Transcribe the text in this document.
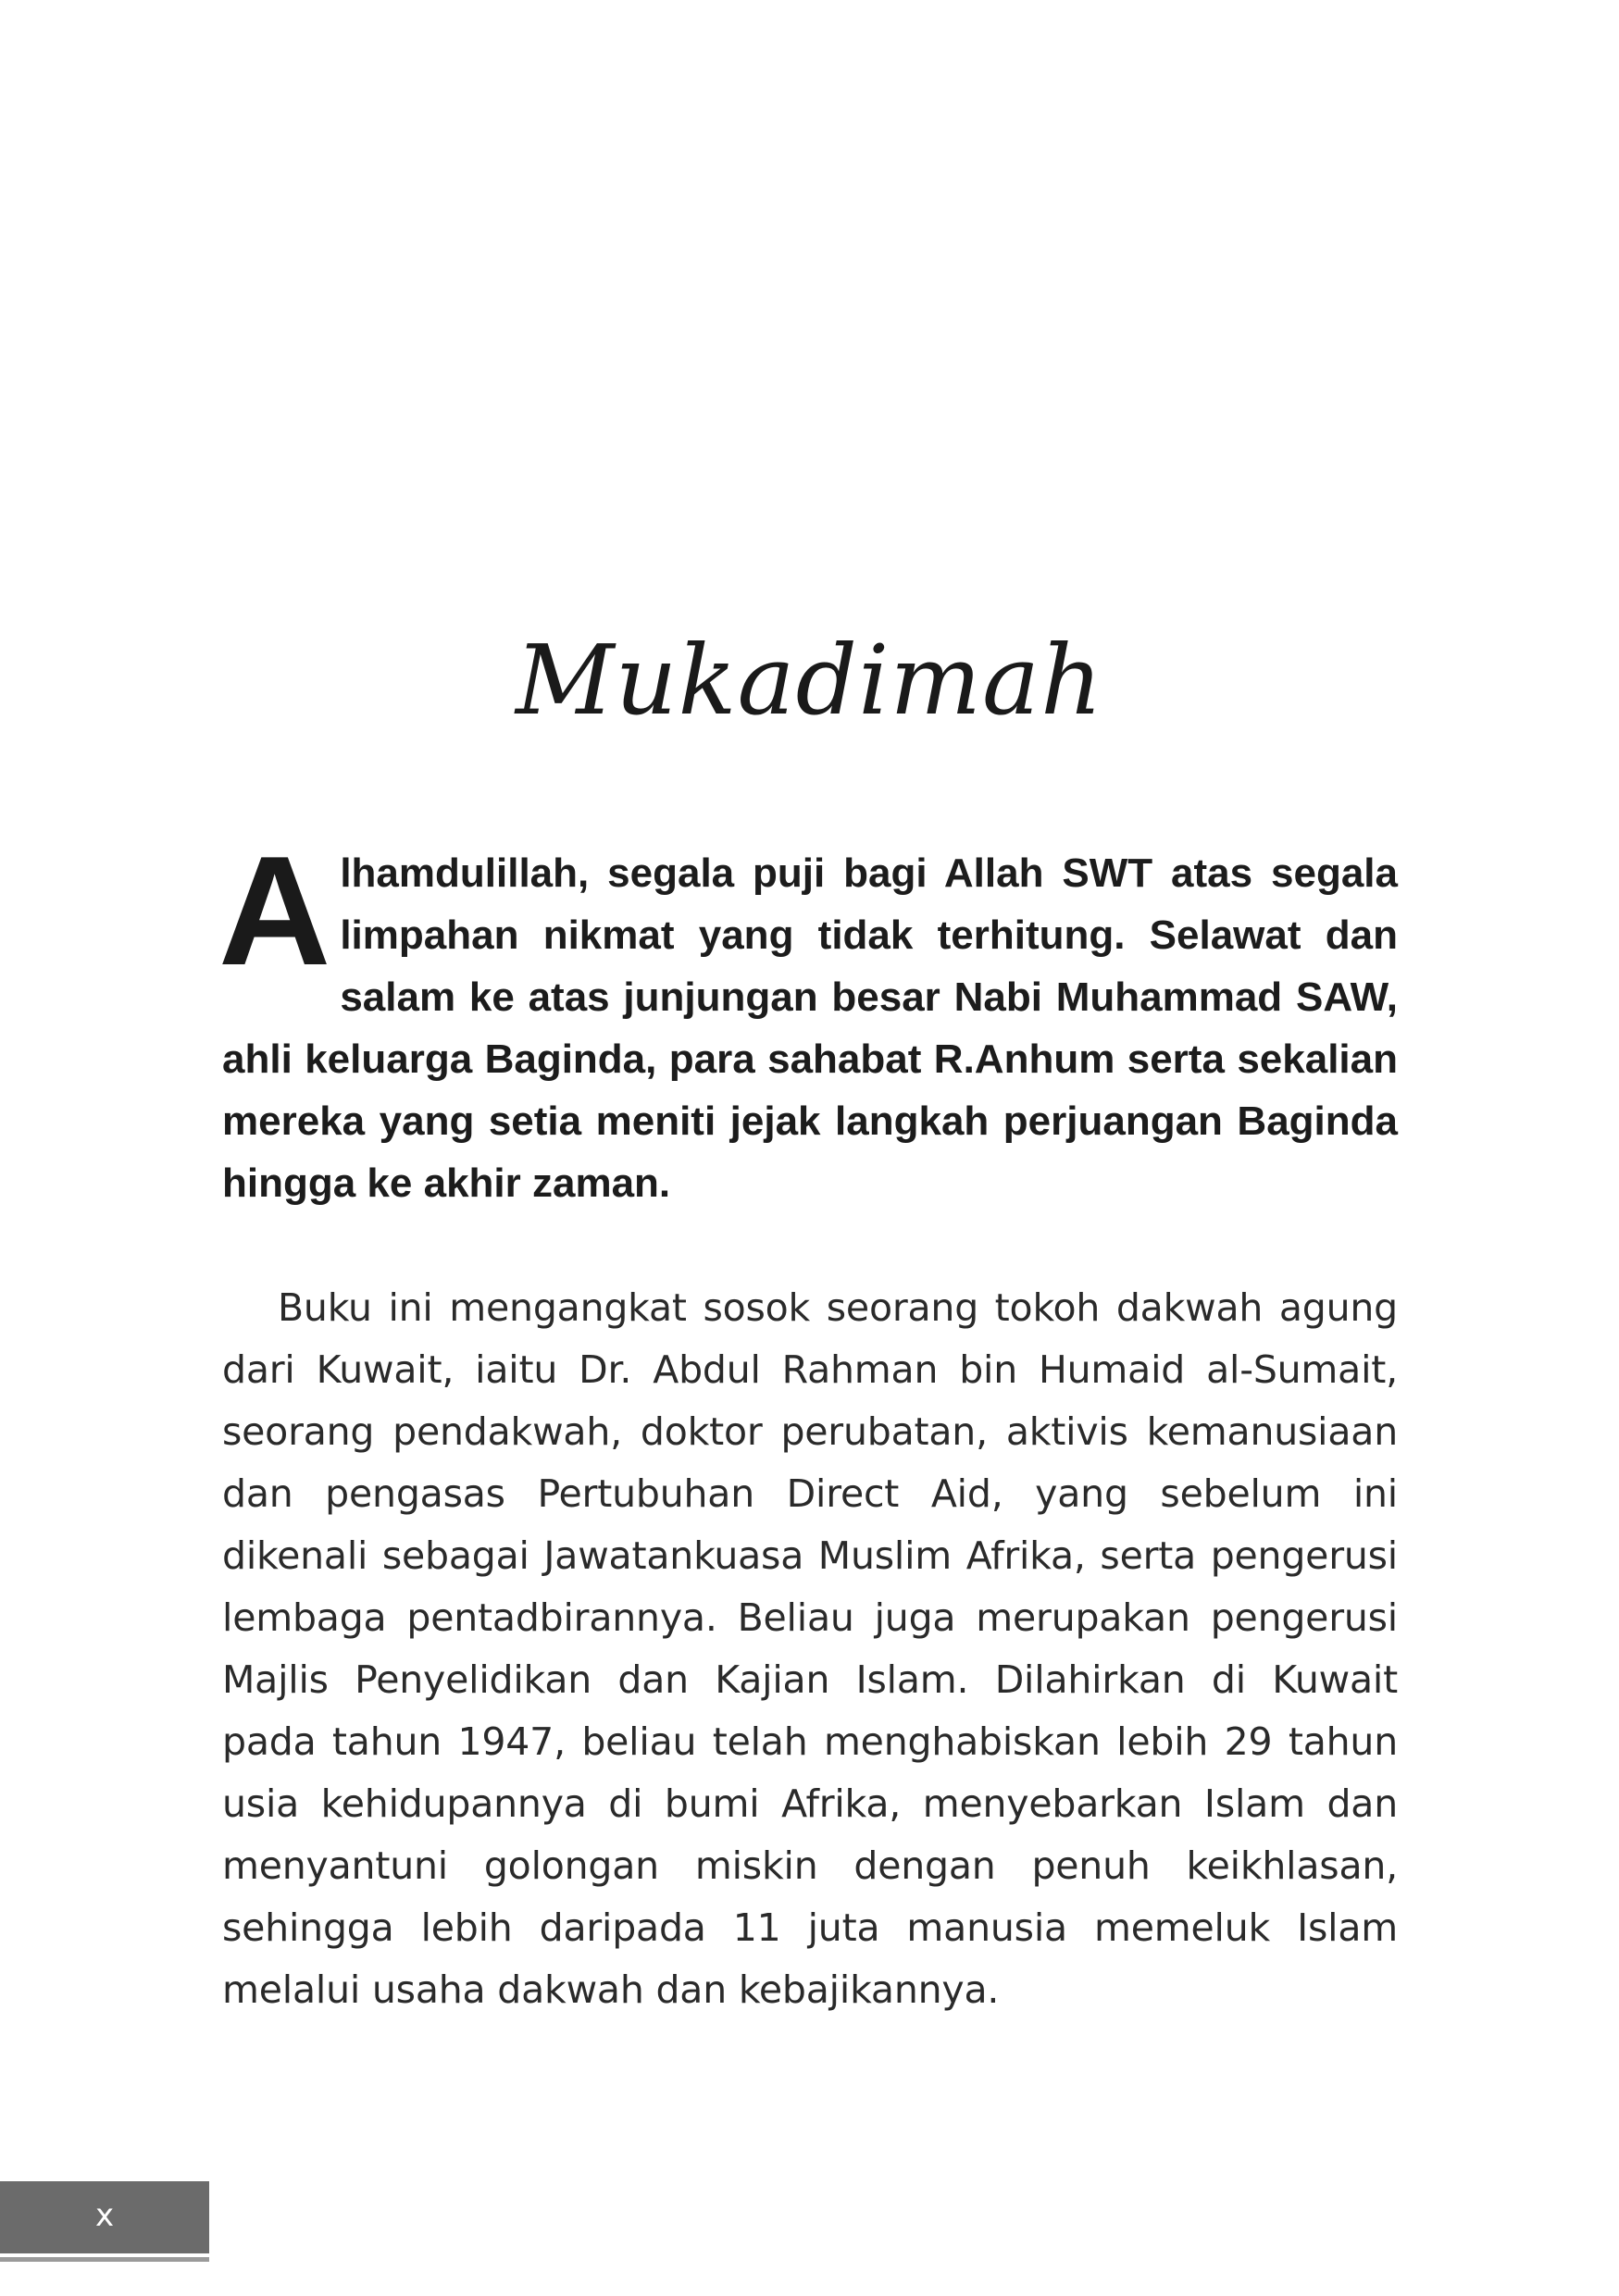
Mukadimah

Alhamdulillah, segala puji bagi Allah SWT atas segala limpahan nikmat yang tidak terhitung. Selawat dan salam ke atas junjungan besar Nabi Muhammad SAW, ahli keluarga Baginda, para sahabat R.Anhum serta sekalian mereka yang setia meniti jejak langkah perjuangan Baginda hingga ke akhir zaman.

Buku ini mengangkat sosok seorang tokoh dakwah agung dari Kuwait, iaitu Dr. Abdul Rahman bin Humaid al-Sumait, seorang pendakwah, doktor perubatan, aktivis kemanusiaan dan pengasas Pertubuhan Direct Aid, yang sebelum ini dikenali sebagai Jawatankuasa Muslim Afrika, serta pengerusi lembaga pentadbirannya. Beliau juga merupakan pengerusi Majlis Penyelidikan dan Kajian Islam. Dilahirkan di Kuwait pada tahun 1947, beliau telah menghabiskan lebih 29 tahun usia kehidupannya di bumi Afrika, menyebarkan Islam dan menyantuni golongan miskin dengan penuh keikhlasan, sehingga lebih daripada 11 juta manusia memeluk Islam melalui usaha dakwah dan kebajikannya.

x
